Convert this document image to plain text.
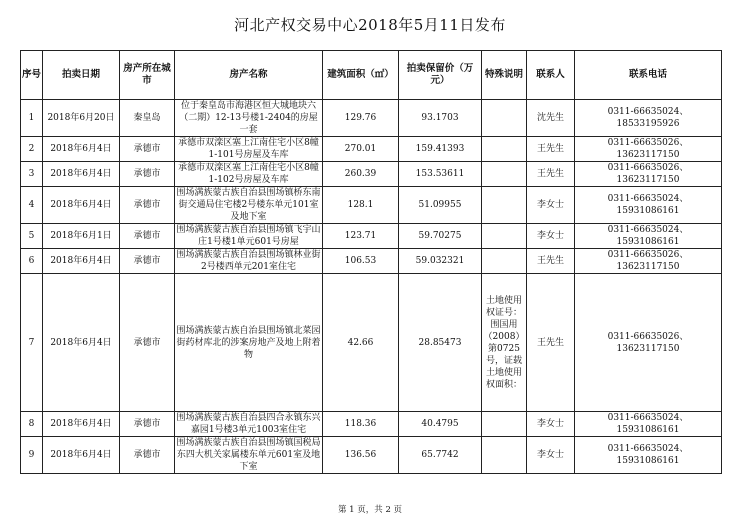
河北产权交易中心2018年5月11日发布
序号	拍卖日期	房产所在城市	房产名称	建筑面积（㎡）	拍卖保留价（万元）	特殊说明	联系人	联系电话
1	2018年6月20日	秦皇岛	位于秦皇岛市海港区恒大城地块六（二期）12-13号楼1-2404的房屋一套	129.76	93.1703		沈先生	0311-66635024、
18533195926
2	2018年6月4日	承德市	承德市双滦区塞上江南住宅小区8幢1-101号房屋及车库	270.01	159.41393		王先生	0311-66635026、
13623117150
3	2018年6月4日	承德市	承德市双滦区塞上江南住宅小区8幢1-102号房屋及车库	260.39	153.53611		王先生	0311-66635026、
13623117150
4	2018年6月4日	承德市	围场满族蒙古族自治县围场镇桥东南街交通局住宅楼2号楼东单元101室及地下室	128.1	51.09955		李女士	0311-66635024、
15931086161
5	2018年6月1日	承德市	围场满族蒙古族自治县围场镇飞宇山庄1号楼1单元601号房屋	123.71	59.70275		李女士	0311-66635024、
15931086161
6	2018年6月4日	承德市	围场满族蒙古族自治县围场镇林业街2号楼西单元201室住宅	106.53	59.032321		王先生	0311-66635026、
13623117150
7	2018年6月4日	承德市	围场满族蒙古族自治县围场镇北菜园街药材库北的涉案房地产及地上附着物	42.66	28.85473	土地使用权证号：围国用（2008）第0725号，证载土地使用权面积：	王先生	0311-66635026、
13623117150
8	2018年6月4日	承德市	围场满族蒙古族自治县四合永镇东兴嘉园1号楼3单元1003室住宅	118.36	40.4795		李女士	0311-66635024、
15931086161
9	2018年6月4日	承德市	围场满族蒙古族自治县围场镇国税局东四大机关家属楼东单元601室及地下室	136.56	65.7742		李女士	0311-66635024、
15931086161
第 1 页，共 2 页
